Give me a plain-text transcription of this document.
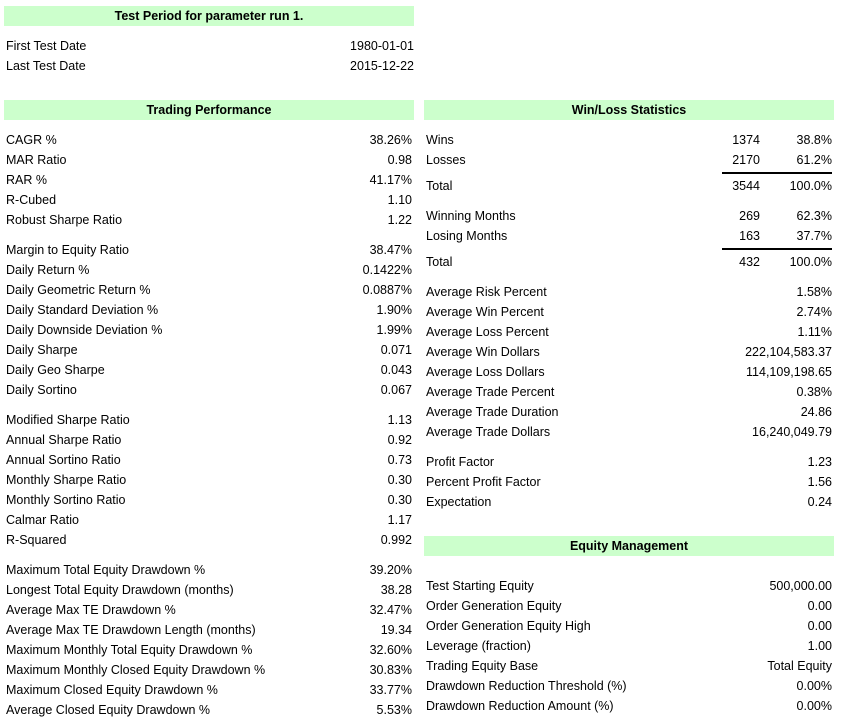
Test Period for parameter run 1.
First Test Date	1980-01-01
Last Test Date	2015-12-22
Trading Performance
CAGR %	38.26%
MAR Ratio	0.98
RAR %	41.17%
R-Cubed	1.10
Robust Sharpe Ratio	1.22
Margin to Equity Ratio	38.47%
Daily Return %	0.1422%
Daily Geometric Return %	0.0887%
Daily Standard Deviation %	1.90%
Daily Downside Deviation %	1.99%
Daily Sharpe	0.071
Daily Geo Sharpe	0.043
Daily Sortino	0.067
Modified Sharpe Ratio	1.13
Annual Sharpe Ratio	0.92
Annual Sortino Ratio	0.73
Monthly Sharpe Ratio	0.30
Monthly Sortino Ratio	0.30
Calmar Ratio	1.17
R-Squared	0.992
Maximum Total Equity Drawdown %	39.20%
Longest Total Equity Drawdown (months)	38.28
Average Max TE Drawdown %	32.47%
Average Max TE Drawdown Length (months)	19.34
Maximum Monthly Total Equity Drawdown %	32.60%
Maximum Monthly Closed Equity Drawdown %	30.83%
Maximum Closed Equity Drawdown %	33.77%
Average Closed Equity Drawdown %	5.53%
Win/Loss Statistics
Wins	1374	38.8%
Losses	2170	61.2%
Total	3544 100.0%
Winning Months	269	62.3%
Losing Months	163	37.7%
Total	432 100.0%
Average Risk Percent	1.58%
Average Win Percent	2.74%
Average Loss Percent	1.11%
Average Win Dollars	222,104,583.37
Average Loss Dollars	114,109,198.65
Average Trade Percent	0.38%
Average Trade Duration	24.86
Average Trade Dollars	16,240,049.79
Profit Factor	1.23
Percent Profit Factor	1.56
Expectation	0.24
Equity Management
Test Starting Equity	500,000.00
Order Generation Equity	0.00
Order Generation Equity High	0.00
Leverage (fraction)	1.00
Trading Equity Base	Total Equity
Drawdown Reduction Threshold (%)	0.00%
Drawdown Reduction Amount (%)	0.00%
